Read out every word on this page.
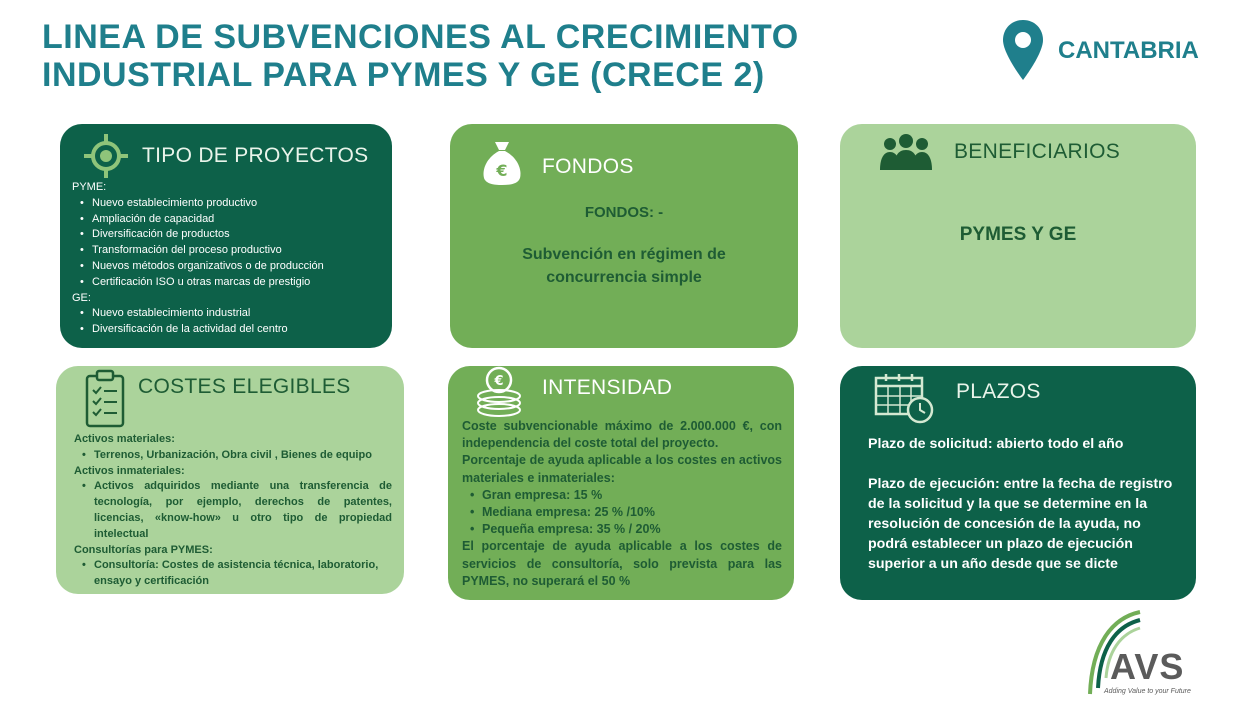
LINEA DE SUBVENCIONES AL CRECIMIENTO
INDUSTRIAL PARA PYMES Y GE (CRECE 2)
CANTABRIA
TIPO DE PROYECTOS
PYME:
• Nuevo establecimiento productivo
• Ampliación de capacidad
• Diversificación de productos
• Transformación del proceso productivo
• Nuevos métodos organizativos o de producción
• Certificación ISO u otras marcas de prestigio
GE:
• Nuevo establecimiento industrial
• Diversificación de la actividad del centro
€ FONDOS
FONDOS: -
Subvención en régimen de
concurrencia simple
BENEFICIARIOS
PYMES Y GE
COSTES ELEGIBLES
Activos materiales:
• Terrenos, Urbanización, Obra civil , Bienes de equipo
Activos inmateriales:
• Activos adquiridos mediante una transferencia de tecnología, por ejemplo, derechos de patentes, licencias, «know-how» u otro tipo de propiedad intelectual
Consultorías para PYMES:
• Consultoría: Costes de asistencia técnica, laboratorio, ensayo y certificación
€ INTENSIDAD
Coste subvencionable máximo de 2.000.000 €, con independencia del coste total del proyecto.
Porcentaje de ayuda aplicable a los costes en activos materiales e inmateriales:
• Gran empresa: 15 %
• Mediana empresa: 25 % /10%
• Pequeña empresa: 35 % / 20%
El porcentaje de ayuda aplicable a los costes de servicios de consultoría, solo prevista para las PYMES, no superará el 50 %
PLAZOS
Plazo de solicitud: abierto todo el año
Plazo de ejecución: entre la fecha de registro de la solicitud y la que se determine en la resolución de concesión de la ayuda, no podrá establecer un plazo de ejecución superior a un año desde que se dicte
AVS
Adding Value to your Future
